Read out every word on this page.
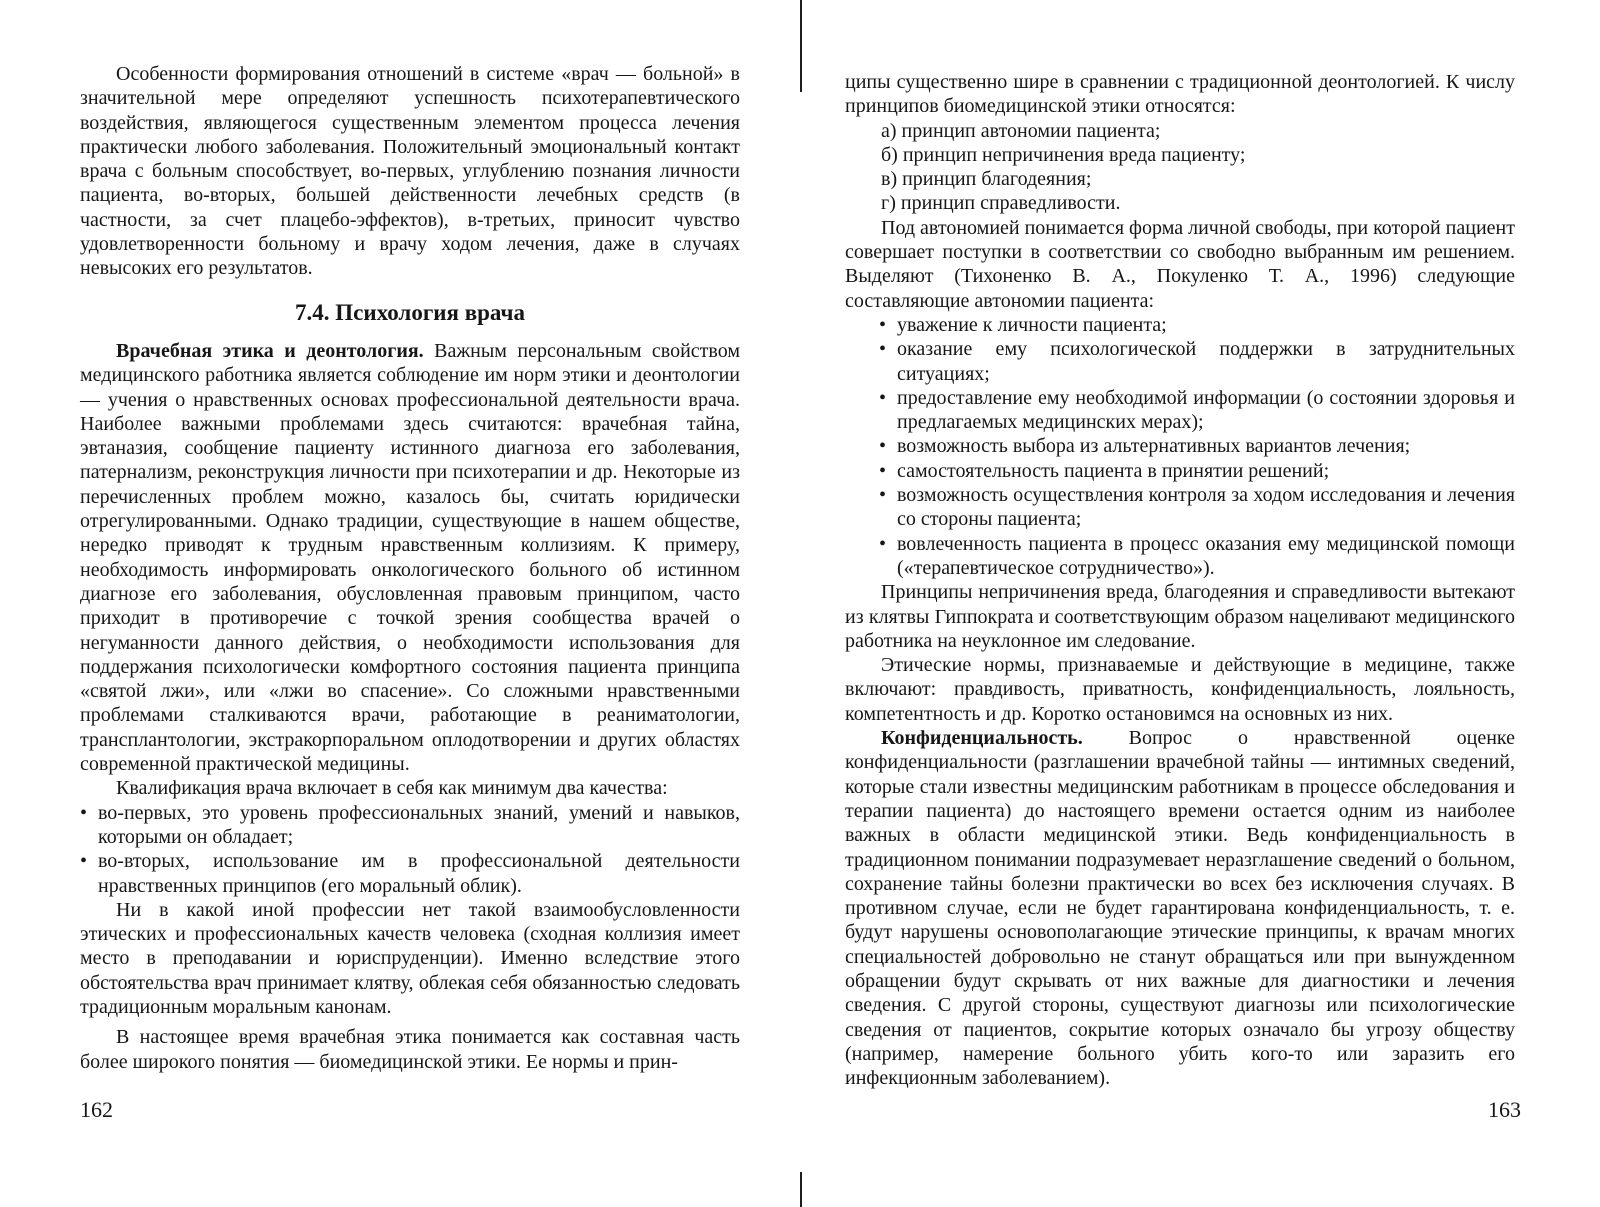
Особенности формирования отношений в системе «врач — больной» в значительной мере определяют успешность психотерапевтического воздействия, являющегося существенным элементом процесса лечения практически любого заболевания. Положительный эмоциональный контакт врача с больным способствует, во-первых, углублению познания личности пациента, во-вторых, большей действенности лечебных средств (в частности, за счет плацебо-эффектов), в-третьих, приносит чувство удовлетворенности больному и врачу ходом лечения, даже в случаях невысоких его результатов.

7.4. Психология врача

Врачебная этика и деонтология. Важным персональным свойством медицинского работника является соблюдение им норм этики и деонтологии — учения о нравственных основах профессиональной деятельности врача. Наиболее важными проблемами здесь считаются: врачебная тайна, эвтаназия, сообщение пациенту истинного диагноза его заболевания, патернализм, реконструкция личности при психотерапии и др. Некоторые из перечисленных проблем можно, казалось бы, считать юридически отрегулированными. Однако традиции, существующие в нашем обществе, нередко приводят к трудным нравственным коллизиям. К примеру, необходимость информировать онкологического больного об истинном диагнозе его заболевания, обусловленная правовым принципом, часто приходит в противоречие с точкой зрения сообщества врачей о негуманности данного действия, о необходимости использования для поддержания психологически комфортного состояния пациента принципа «святой лжи», или «лжи во спасение». Со сложными нравственными проблемами сталкиваются врачи, работающие в реаниматологии, трансплантологии, экстракорпоральном оплодотворении и других областях современной практической медицины.

Квалификация врача включает в себя как минимум два качества:

• во-первых, это уровень профессиональных знаний, умений и навыков, которыми он обладает;
• во-вторых, использование им в профессиональной деятельности нравственных принципов (его моральный облик).

Ни в какой иной профессии нет такой взаимообусловленности этических и профессиональных качеств человека (сходная коллизия имеет место в преподавании и юриспруденции). Именно вследствие этого обстоятельства врач принимает клятву, облекая себя обязанностью следовать традиционным моральным канонам.

В настоящее время врачебная этика понимается как составная часть более широкого понятия — биомедицинской этики. Ее нормы и прин-

162

ципы существенно шире в сравнении с традиционной деонтологией. К числу принципов биомедицинской этики относятся:

а) принцип автономии пациента;
б) принцип непричинения вреда пациенту;
в) принцип благодеяния;
г) принцип справедливости.

Под автономией понимается форма личной свободы, при которой пациент совершает поступки в соответствии со свободно выбранным им решением. Выделяют (Тихоненко В. А., Покуленко Т. А., 1996) следующие составляющие автономии пациента:

• уважение к личности пациента;
• оказание ему психологической поддержки в затруднительных ситуациях;
• предоставление ему необходимой информации (о состоянии здоровья и предлагаемых медицинских мерах);
• возможность выбора из альтернативных вариантов лечения;
• самостоятельность пациента в принятии решений;
• возможность осуществления контроля за ходом исследования и лечения со стороны пациента;
• вовлеченность пациента в процесс оказания ему медицинской помощи («терапевтическое сотрудничество»).

Принципы непричинения вреда, благодеяния и справедливости вытекают из клятвы Гиппократа и соответствующим образом нацеливают медицинского работника на неуклонное им следование.

Этические нормы, признаваемые и действующие в медицине, также включают: правдивость, приватность, конфиденциальность, лояльность, компетентность и др. Коротко остановимся на основных из них.

Конфиденциальность. Вопрос о нравственной оценке конфиденциальности (разглашении врачебной тайны — интимных сведений, которые стали известны медицинским работникам в процессе обследования и терапии пациента) до настоящего времени остается одним из наиболее важных в области медицинской этики. Ведь конфиденциальность в традиционном понимании подразумевает неразглашение сведений о больном, сохранение тайны болезни практически во всех без исключения случаях. В противном случае, если не будет гарантирована конфиденциальность, т. е. будут нарушены основополагающие этические принципы, к врачам многих специальностей добровольно не станут обращаться или при вынужденном обращении будут скрывать от них важные для диагностики и лечения сведения. С другой стороны, существуют диагнозы или психологические сведения от пациентов, сокрытие которых означало бы угрозу обществу (например, намерение больного убить кого-то или заразить его инфекционным заболеванием).

163
